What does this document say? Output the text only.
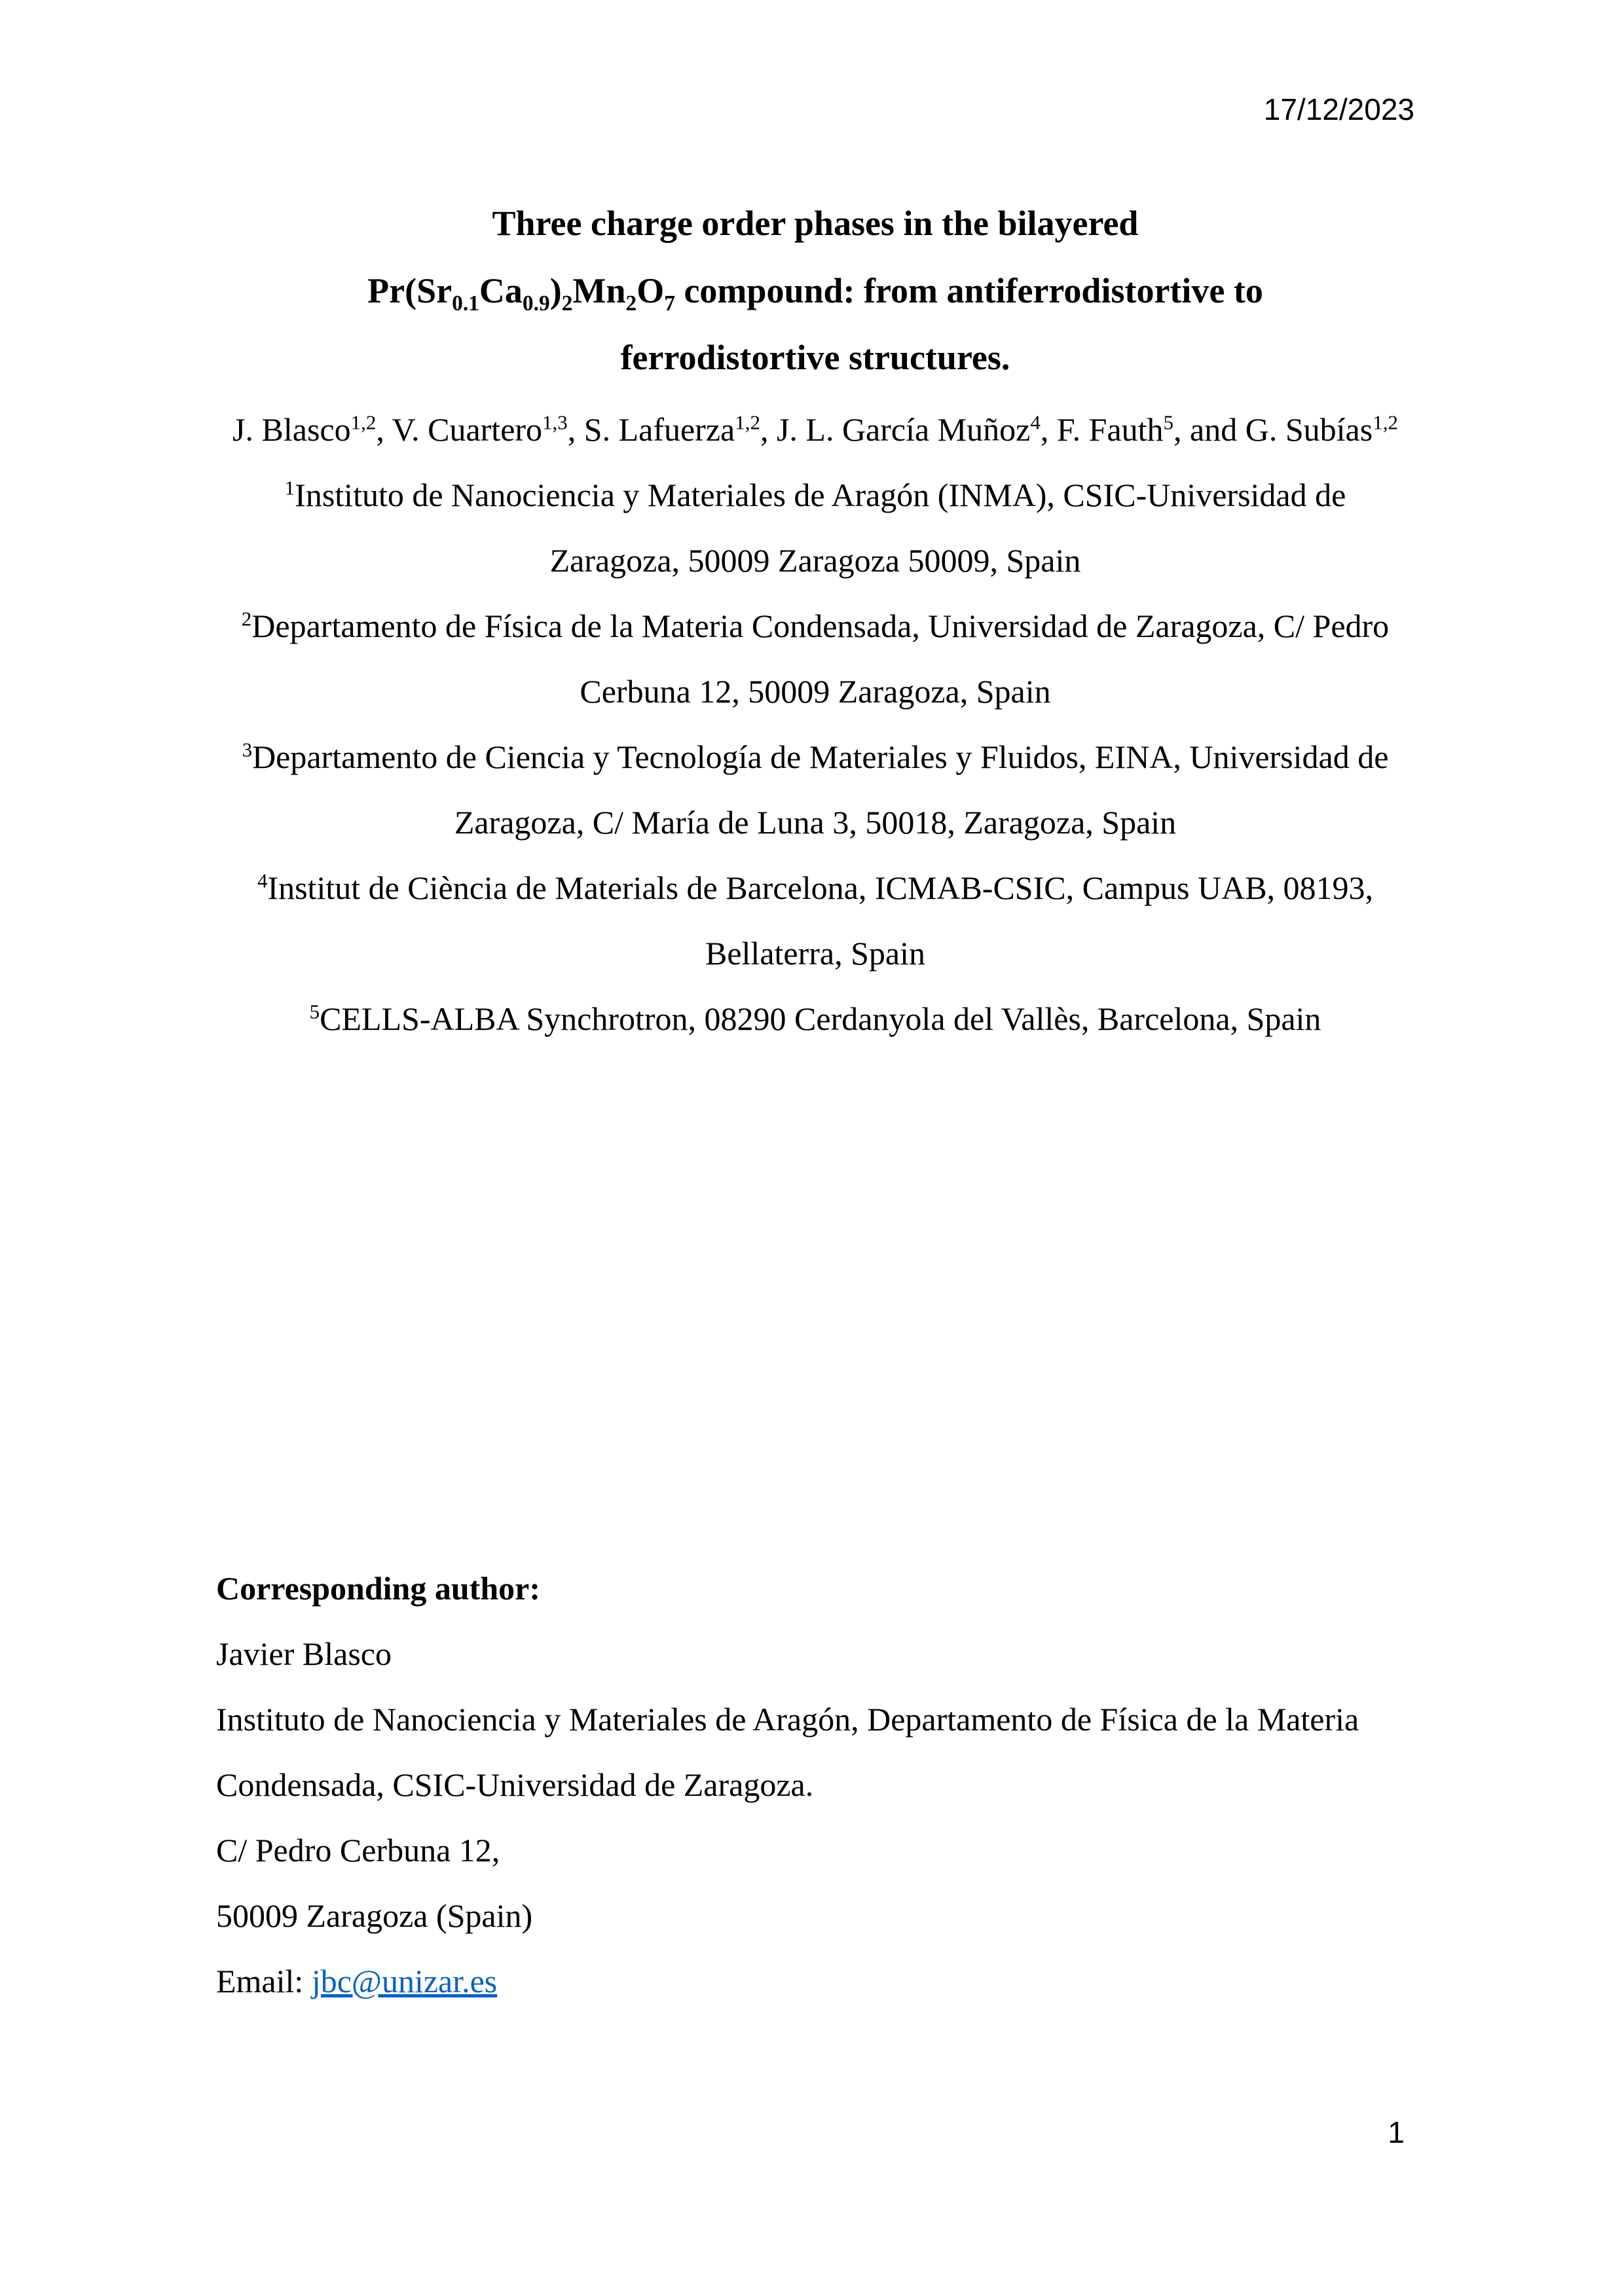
17/12/2023
Three charge order phases in the bilayered
$Pr(Sr_{0.1}Ca_{0.9})_2Mn_2O_7$ compound: from antiferrodistortive to
ferrodistortive structures.
J. Blasco$^{1,2}$, V. Cuartero$^{1,3}$, S. Lafuerza$^{1,2}$, J. L. García Muñoz$^4$, F. Fauth$^5$, and G. Subías$^{1,2}$
$^1$Instituto de Nanociencia y Materiales de Aragón (INMA), CSIC-Universidad de Zaragoza, 50009 Zaragoza 50009, Spain
$^2$Departamento de Física de la Materia Condensada, Universidad de Zaragoza, C/ Pedro Cerbuna 12, 50009 Zaragoza, Spain
$^3$Departamento de Ciencia y Tecnología de Materiales y Fluidos, EINA, Universidad de Zaragoza, C/ María de Luna 3, 50018, Zaragoza, Spain
$^4$Institut de Ciència de Materials de Barcelona, ICMAB-CSIC, Campus UAB, 08193, Bellaterra, Spain
$^5$CELLS-ALBA Synchrotron, 08290 Cerdanyola del Vallès, Barcelona, Spain
Corresponding author:
Javier Blasco
Instituto de Nanociencia y Materiales de Aragón, Departamento de Física de la Materia Condensada, CSIC-Universidad de Zaragoza.
C/ Pedro Cerbuna 12,
50009 Zaragoza (Spain)
Email: jbc@unizar.es
1
